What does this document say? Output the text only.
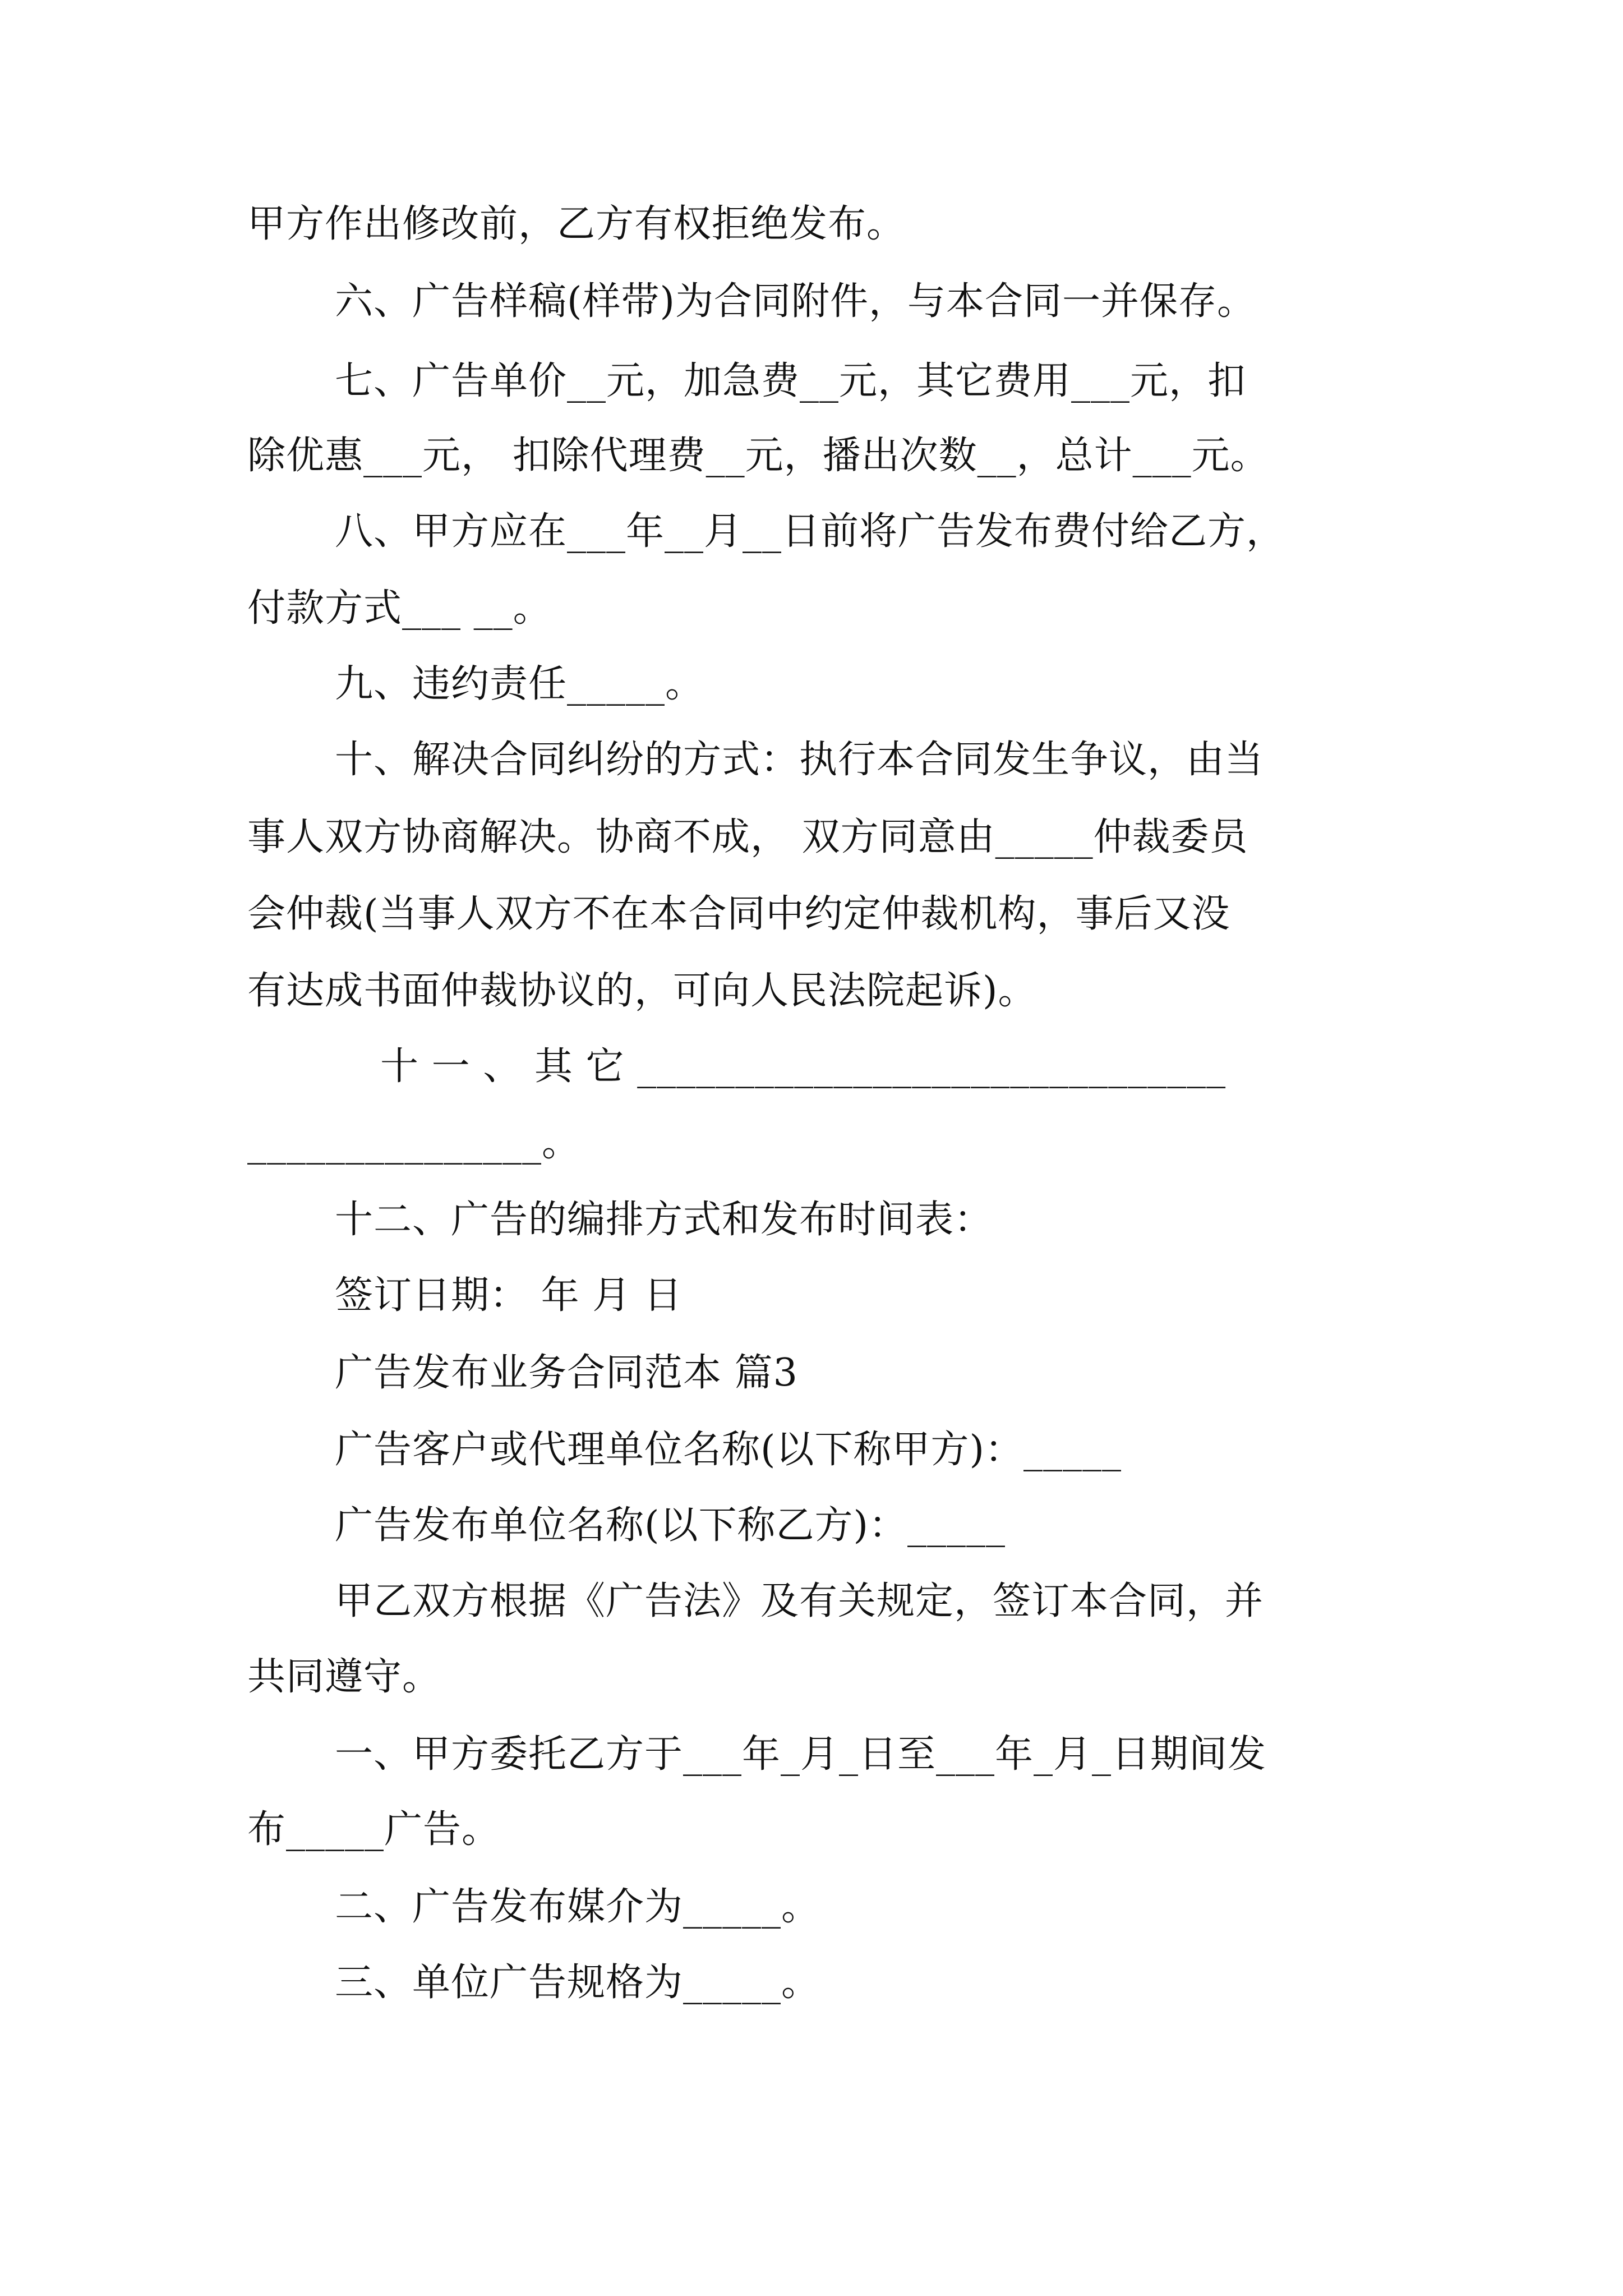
甲方作出修改前，乙方有权拒绝发布。
六、广告样稿(样带)为合同附件，与本合同一并保存。
七、广告单价__元，加急费__元，其它费用___元，扣
除优惠___元， 扣除代理费__元，播出次数__，总计___元。
八、甲方应在___年__月__日前将广告发布费付给乙方，
付款方式___ __。
九、违约责任_____。
十、解决合同纠纷的方式：执行本合同发生争议，由当
事人双方协商解决。协商不成， 双方同意由_____仲裁委员
会仲裁(当事人双方不在本合同中约定仲裁机构，事后又没
有达成书面仲裁协议的，可向人民法院起诉)。
十 一 、 其 它 ______________________________
_______________。
十二、广告的编排方式和发布时间表：
签订日期： 年 月 日
广告发布业务合同范本 篇3
广告客户或代理单位名称(以下称甲方)：_____
广告发布单位名称(以下称乙方)：_____
甲乙双方根据《广告法》及有关规定，签订本合同，并
共同遵守。
一、甲方委托乙方于___年_月_日至___年_月_日期间发
布_____广告。
二、广告发布媒介为_____。
三、单位广告规格为_____。
